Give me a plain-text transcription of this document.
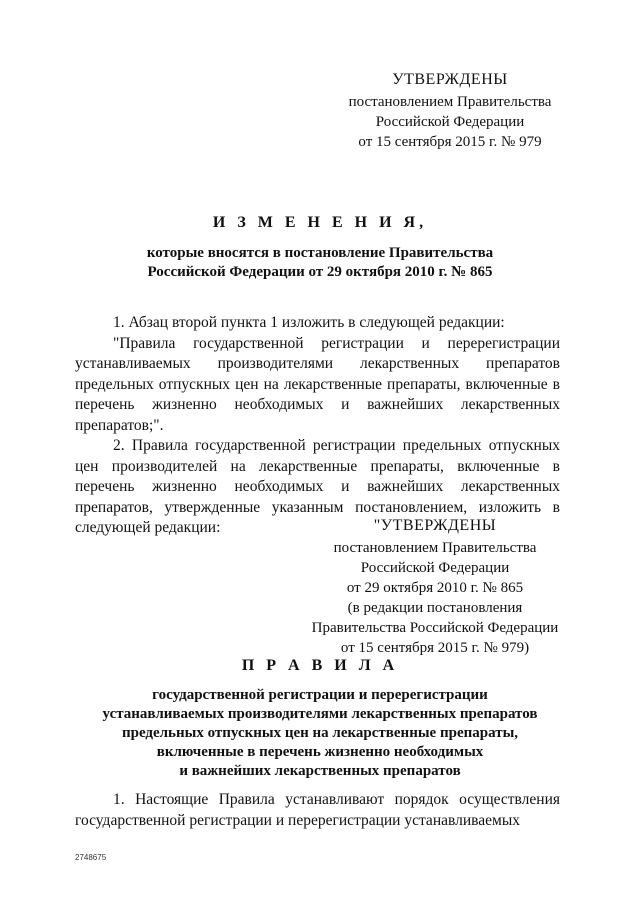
УТВЕРЖДЕНЫ
постановлением Правительства
Российской Федерации
от 15 сентября 2015 г. № 979
И З М Е Н Е Н И Я,
которые вносятся в постановление Правительства
Российской Федерации от 29 октября 2010 г. № 865

1. Абзац второй пункта 1 изложить в следующей редакции:

"Правила государственной регистрации и перерегистрации устанавливаемых производителями лекарственных препаратов предельных отпускных цен на лекарственные препараты, включенные в перечень жизненно необходимых и важнейших лекарственных препаратов;".

2. Правила государственной регистрации предельных отпускных цен производителей на лекарственные препараты, включенные в перечень жизненно необходимых и важнейших лекарственных препаратов, утвержденные указанным постановлением, изложить в следующей редакции:	"УТВЕРЖДЕНЫ
постановлением Правительства
Российской Федерации
от 29 октября 2010 г. № 865
(в редакции постановления
Правительства Российской Федерации
от 15 сентября 2015 г. № 979)
П Р А В И Л А
государственной регистрации и перерегистрации
устанавливаемых производителями лекарственных препаратов
предельных отпускных цен на лекарственные препараты,
включенные в перечень жизненно необходимых
и важнейших лекарственных препаратов

1. Настоящие Правила устанавливают порядок осуществления государственной регистрации и перерегистрации устанавливаемых

2748675
